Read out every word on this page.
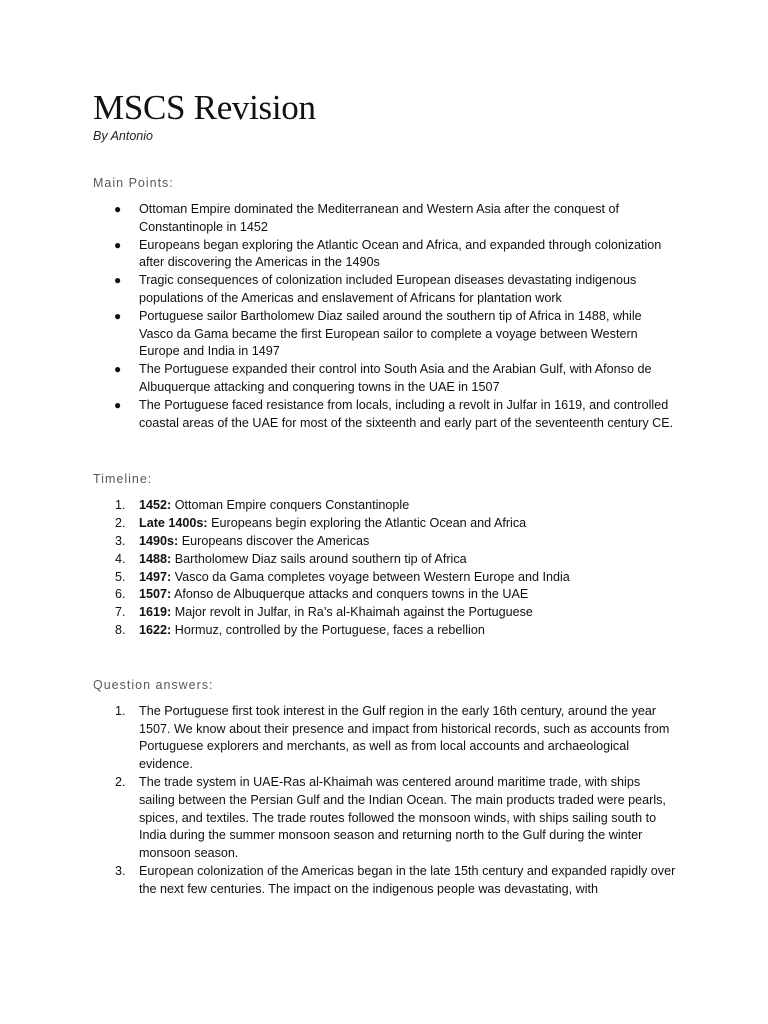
MSCS Revision
By Antonio
Main Points:
● Ottoman Empire dominated the Mediterranean and Western Asia after the conquest of Constantinople in 1452
● Europeans began exploring the Atlantic Ocean and Africa, and expanded through colonization after discovering the Americas in the 1490s
● Tragic consequences of colonization included European diseases devastating indigenous populations of the Americas and enslavement of Africans for plantation work
● Portuguese sailor Bartholomew Diaz sailed around the southern tip of Africa in 1488, while Vasco da Gama became the first European sailor to complete a voyage between Western Europe and India in 1497
● The Portuguese expanded their control into South Asia and the Arabian Gulf, with Afonso de Albuquerque attacking and conquering towns in the UAE in 1507
● The Portuguese faced resistance from locals, including a revolt in Julfar in 1619, and controlled coastal areas of the UAE for most of the sixteenth and early part of the seventeenth century CE.
Timeline:
1. 1452: Ottoman Empire conquers Constantinople
2. Late 1400s: Europeans begin exploring the Atlantic Ocean and Africa
3. 1490s: Europeans discover the Americas
4. 1488: Bartholomew Diaz sails around southern tip of Africa
5. 1497: Vasco da Gama completes voyage between Western Europe and India
6. 1507: Afonso de Albuquerque attacks and conquers towns in the UAE
7. 1619: Major revolt in Julfar, in Ra’s al-Khaimah against the Portuguese
8. 1622: Hormuz, controlled by the Portuguese, faces a rebellion
Question answers:
1. The Portuguese first took interest in the Gulf region in the early 16th century, around the year 1507. We know about their presence and impact from historical records, such as accounts from Portuguese explorers and merchants, as well as from local accounts and archaeological evidence.
2. The trade system in UAE-Ras al-Khaimah was centered around maritime trade, with ships sailing between the Persian Gulf and the Indian Ocean. The main products traded were pearls, spices, and textiles. The trade routes followed the monsoon winds, with ships sailing south to India during the summer monsoon season and returning north to the Gulf during the winter monsoon season.
3. European colonization of the Americas began in the late 15th century and expanded rapidly over the next few centuries. The impact on the indigenous people was devastating, with
